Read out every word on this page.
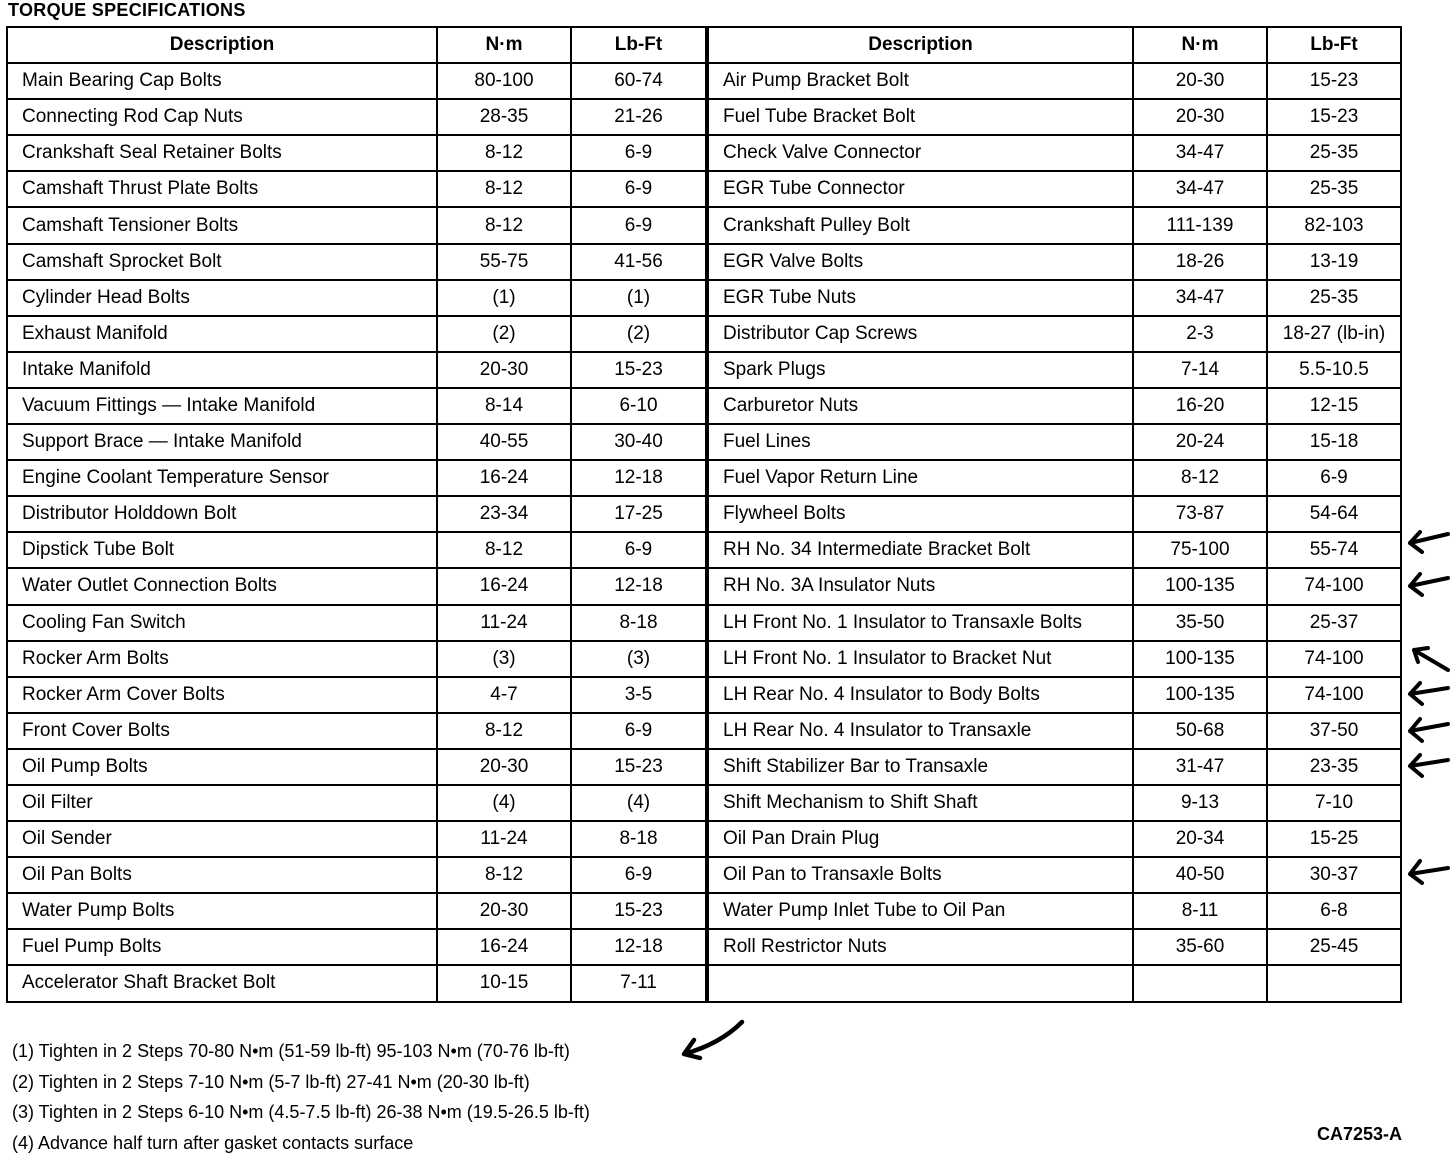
TORQUE SPECIFICATIONS
Description	N·m	Lb-Ft	Description	N·m	Lb-Ft
Main Bearing Cap Bolts	80-100	60-74	Air Pump Bracket Bolt	20-30	15-23
Connecting Rod Cap Nuts	28-35	21-26	Fuel Tube Bracket Bolt	20-30	15-23
Crankshaft Seal Retainer Bolts	8-12	6-9	Check Valve Connector	34-47	25-35
Camshaft Thrust Plate Bolts	8-12	6-9	EGR Tube Connector	34-47	25-35
Camshaft Tensioner Bolts	8-12	6-9	Crankshaft Pulley Bolt	111-139	82-103
Camshaft Sprocket Bolt	55-75	41-56	EGR Valve Bolts	18-26	13-19
Cylinder Head Bolts	(1)	(1)	EGR Tube Nuts	34-47	25-35
Exhaust Manifold	(2)	(2)	Distributor Cap Screws	2-3	18-27 (lb-in)
Intake Manifold	20-30	15-23	Spark Plugs	7-14	5.5-10.5
Vacuum Fittings — Intake Manifold	8-14	6-10	Carburetor Nuts	16-20	12-15
Support Brace — Intake Manifold	40-55	30-40	Fuel Lines	20-24	15-18
Engine Coolant Temperature Sensor	16-24	12-18	Fuel Vapor Return Line	8-12	6-9
Distributor Holddown Bolt	23-34	17-25	Flywheel Bolts	73-87	54-64
Dipstick Tube Bolt	8-12	6-9	RH No. 34 Intermediate Bracket Bolt	75-100	55-74
Water Outlet Connection Bolts	16-24	12-18	RH No. 3A Insulator Nuts	100-135	74-100
Cooling Fan Switch	11-24	8-18	LH Front No. 1 Insulator to Transaxle Bolts	35-50	25-37
Rocker Arm Bolts	(3)	(3)	LH Front No. 1 Insulator to Bracket Nut	100-135	74-100
Rocker Arm Cover Bolts	4-7	3-5	LH Rear No. 4 Insulator to Body Bolts	100-135	74-100
Front Cover Bolts	8-12	6-9	LH Rear No. 4 Insulator to Transaxle	50-68	37-50
Oil Pump Bolts	20-30	15-23	Shift Stabilizer Bar to Transaxle	31-47	23-35
Oil Filter	(4)	(4)	Shift Mechanism to Shift Shaft	9-13	7-10
Oil Sender	11-24	8-18	Oil Pan Drain Plug	20-34	15-25
Oil Pan Bolts	8-12	6-9	Oil Pan to Transaxle Bolts	40-50	30-37
Water Pump Bolts	20-30	15-23	Water Pump Inlet Tube to Oil Pan	8-11	6-8
Fuel Pump Bolts	16-24	12-18	Roll Restrictor Nuts	35-60	25-45
Accelerator Shaft Bracket Bolt	10-15	7-11			
(1) Tighten in 2 Steps 70-80 N•m (51-59 lb-ft) 95-103 N•m (70-76 lb-ft)
(2) Tighten in 2 Steps 7-10 N•m (5-7 lb-ft) 27-41 N•m (20-30 lb-ft)
(3) Tighten in 2 Steps 6-10 N•m (4.5-7.5 lb-ft) 26-38 N•m (19.5-26.5 lb-ft)
(4) Advance half turn after gasket contacts surface	CA7253-A
